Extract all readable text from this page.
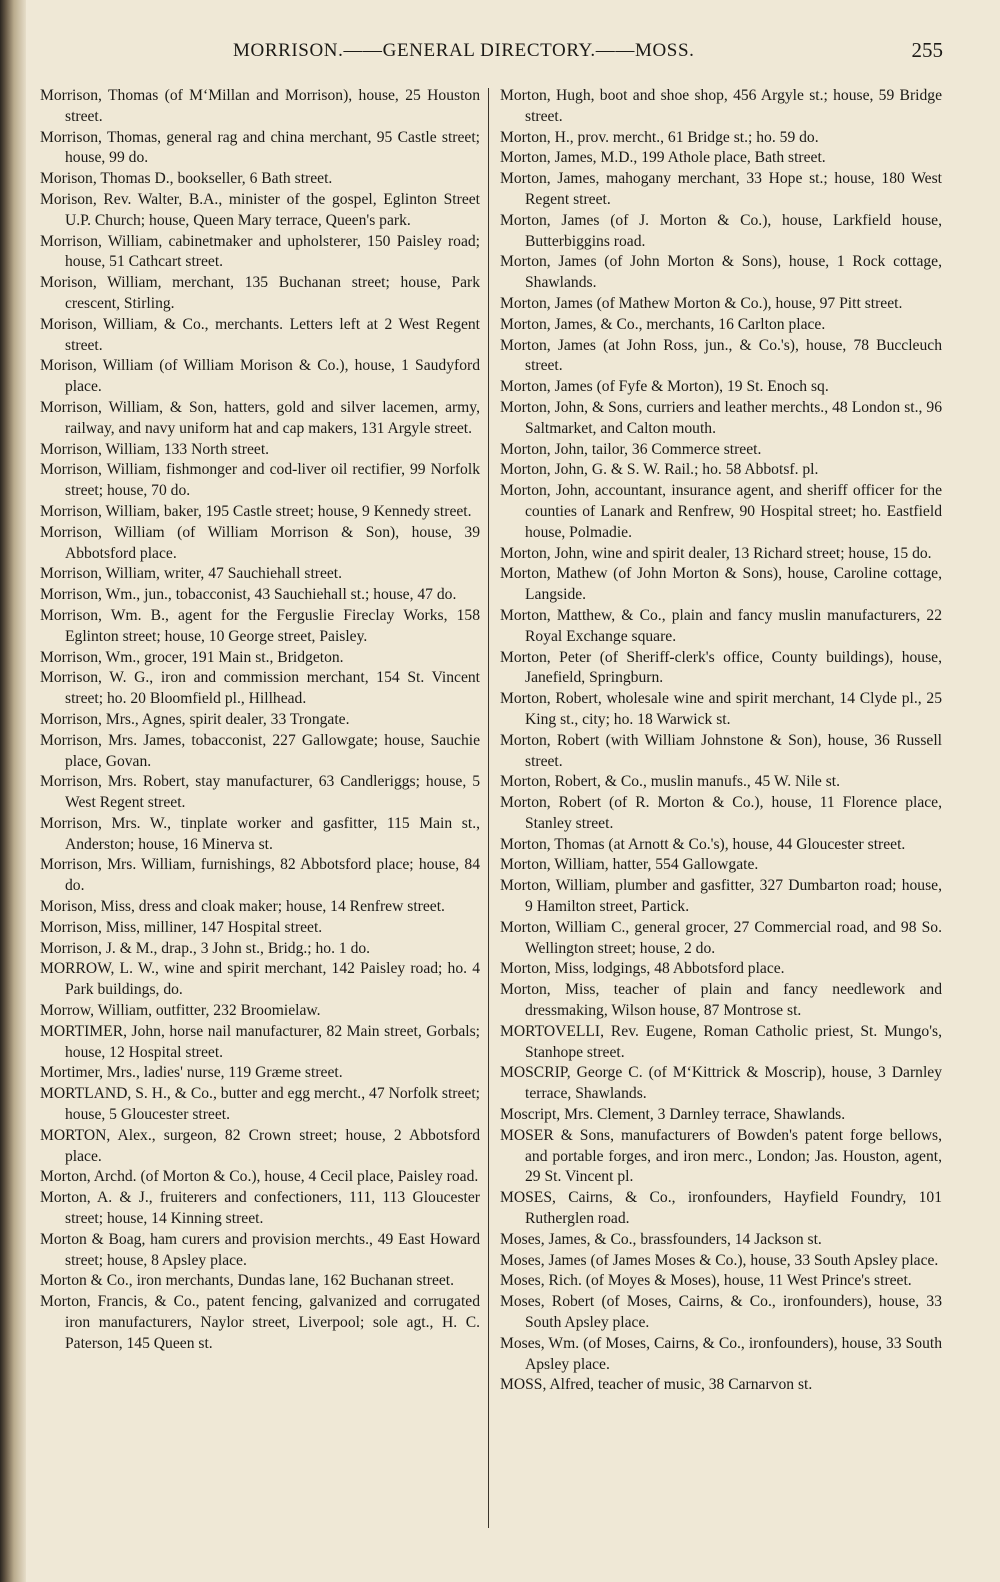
MORRISON.——GENERAL DIRECTORY.——MOSS.	255
Morrison, Thomas (of M‘Millan and Morrison), house, 25 Houston street.
Morrison, Thomas, general rag and china merchant, 95 Castle street; house, 99 do.
Morison, Thomas D., bookseller, 6 Bath street.
Morison, Rev. Walter, B.A., minister of the gospel, Eglinton Street U.P. Church; house, Queen Mary terrace, Queen's park.
Morrison, William, cabinetmaker and upholsterer, 150 Paisley road; house, 51 Cathcart street.
Morison, William, merchant, 135 Buchanan street; house, Park crescent, Stirling.
Morison, William, & Co., merchants. Letters left at 2 West Regent street.
Morison, William (of William Morison & Co.), house, 1 Saudyford place.
Morrison, William, & Son, hatters, gold and silver lacemen, army, railway, and navy uniform hat and cap makers, 131 Argyle street.
Morrison, William, 133 North street.
Morrison, William, fishmonger and cod-liver oil rectifier, 99 Norfolk street; house, 70 do.
Morrison, William, baker, 195 Castle street; house, 9 Kennedy street.
Morrison, William (of William Morrison & Son), house, 39 Abbotsford place.
Morrison, William, writer, 47 Sauchiehall street.
Morrison, Wm., jun., tobacconist, 43 Sauchiehall st.; house, 47 do.
Morrison, Wm. B., agent for the Ferguslie Fireclay Works, 158 Eglinton street; house, 10 George street, Paisley.
Morrison, Wm., grocer, 191 Main st., Bridgeton.
Morrison, W. G., iron and commission merchant, 154 St. Vincent street; ho. 20 Bloomfield pl., Hillhead.
Morrison, Mrs., Agnes, spirit dealer, 33 Trongate.
Morrison, Mrs. James, tobacconist, 227 Gallowgate; house, Sauchie place, Govan.
Morrison, Mrs. Robert, stay manufacturer, 63 Candleriggs; house, 5 West Regent street.
Morrison, Mrs. W., tinplate worker and gasfitter, 115 Main st., Anderston; house, 16 Minerva st.
Morrison, Mrs. William, furnishings, 82 Abbotsford place; house, 84 do.
Morison, Miss, dress and cloak maker; house, 14 Renfrew street.
Morrison, Miss, milliner, 147 Hospital street.
Morrison, J. & M., drap., 3 John st., Bridg.; ho. 1 do.
MORROW, L. W., wine and spirit merchant, 142 Paisley road; ho. 4 Park buildings, do.
Morrow, William, outfitter, 232 Broomielaw.
MORTIMER, John, horse nail manufacturer, 82 Main street, Gorbals; house, 12 Hospital street.
Mortimer, Mrs., ladies' nurse, 119 Græme street.
MORTLAND, S. H., & Co., butter and egg mercht., 47 Norfolk street; house, 5 Gloucester street.
MORTON, Alex., surgeon, 82 Crown street; house, 2 Abbotsford place.
Morton, Archd. (of Morton & Co.), house, 4 Cecil place, Paisley road.
Morton, A. & J., fruiterers and confectioners, 111, 113 Gloucester street; house, 14 Kinning street.
Morton & Boag, ham curers and provision merchts., 49 East Howard street; house, 8 Apsley place.
Morton & Co., iron merchants, Dundas lane, 162 Buchanan street.
Morton, Francis, & Co., patent fencing, galvanized and corrugated iron manufacturers, Naylor street, Liverpool; sole agt., H. C. Paterson, 145 Queen st.
Morton, Hugh, boot and shoe shop, 456 Argyle st.; house, 59 Bridge street.
Morton, H., prov. mercht., 61 Bridge st.; ho. 59 do.
Morton, James, M.D., 199 Athole place, Bath street.
Morton, James, mahogany merchant, 33 Hope st.; house, 180 West Regent street.
Morton, James (of J. Morton & Co.), house, Larkfield house, Butterbiggins road.
Morton, James (of John Morton & Sons), house, 1 Rock cottage, Shawlands.
Morton, James (of Mathew Morton & Co.), house, 97 Pitt street.
Morton, James, & Co., merchants, 16 Carlton place.
Morton, James (at John Ross, jun., & Co.'s), house, 78 Buccleuch street.
Morton, James (of Fyfe & Morton), 19 St. Enoch sq.
Morton, John, & Sons, curriers and leather merchts., 48 London st., 96 Saltmarket, and Calton mouth.
Morton, John, tailor, 36 Commerce street.
Morton, John, G. & S. W. Rail.; ho. 58 Abbotsf. pl.
Morton, John, accountant, insurance agent, and sheriff officer for the counties of Lanark and Renfrew, 90 Hospital street; ho. Eastfield house, Polmadie.
Morton, John, wine and spirit dealer, 13 Richard street; house, 15 do.
Morton, Mathew (of John Morton & Sons), house, Caroline cottage, Langside.
Morton, Matthew, & Co., plain and fancy muslin manufacturers, 22 Royal Exchange square.
Morton, Peter (of Sheriff-clerk's office, County buildings), house, Janefield, Springburn.
Morton, Robert, wholesale wine and spirit merchant, 14 Clyde pl., 25 King st., city; ho. 18 Warwick st.
Morton, Robert (with William Johnstone & Son), house, 36 Russell street.
Morton, Robert, & Co., muslin manufs., 45 W. Nile st.
Morton, Robert (of R. Morton & Co.), house, 11 Florence place, Stanley street.
Morton, Thomas (at Arnott & Co.'s), house, 44 Gloucester street.
Morton, William, hatter, 554 Gallowgate.
Morton, William, plumber and gasfitter, 327 Dumbarton road; house, 9 Hamilton street, Partick.
Morton, William C., general grocer, 27 Commercial road, and 98 So. Wellington street; house, 2 do.
Morton, Miss, lodgings, 48 Abbotsford place.
Morton, Miss, teacher of plain and fancy needlework and dressmaking, Wilson house, 87 Montrose st.
MORTOVELLI, Rev. Eugene, Roman Catholic priest, St. Mungo's, Stanhope street.
MOSCRIP, George C. (of M‘Kittrick & Moscrip), house, 3 Darnley terrace, Shawlands.
Moscript, Mrs. Clement, 3 Darnley terrace, Shawlands.
MOSER & Sons, manufacturers of Bowden's patent forge bellows, and portable forges, and iron merc., London; Jas. Houston, agent, 29 St. Vincent pl.
MOSES, Cairns, & Co., ironfounders, Hayfield Foundry, 101 Rutherglen road.
Moses, James, & Co., brassfounders, 14 Jackson st.
Moses, James (of James Moses & Co.), house, 33 South Apsley place.
Moses, Rich. (of Moyes & Moses), house, 11 West Prince's street.
Moses, Robert (of Moses, Cairns, & Co., ironfounders), house, 33 South Apsley place.
Moses, Wm. (of Moses, Cairns, & Co., ironfounders), house, 33 South Apsley place.
MOSS, Alfred, teacher of music, 38 Carnarvon st.
